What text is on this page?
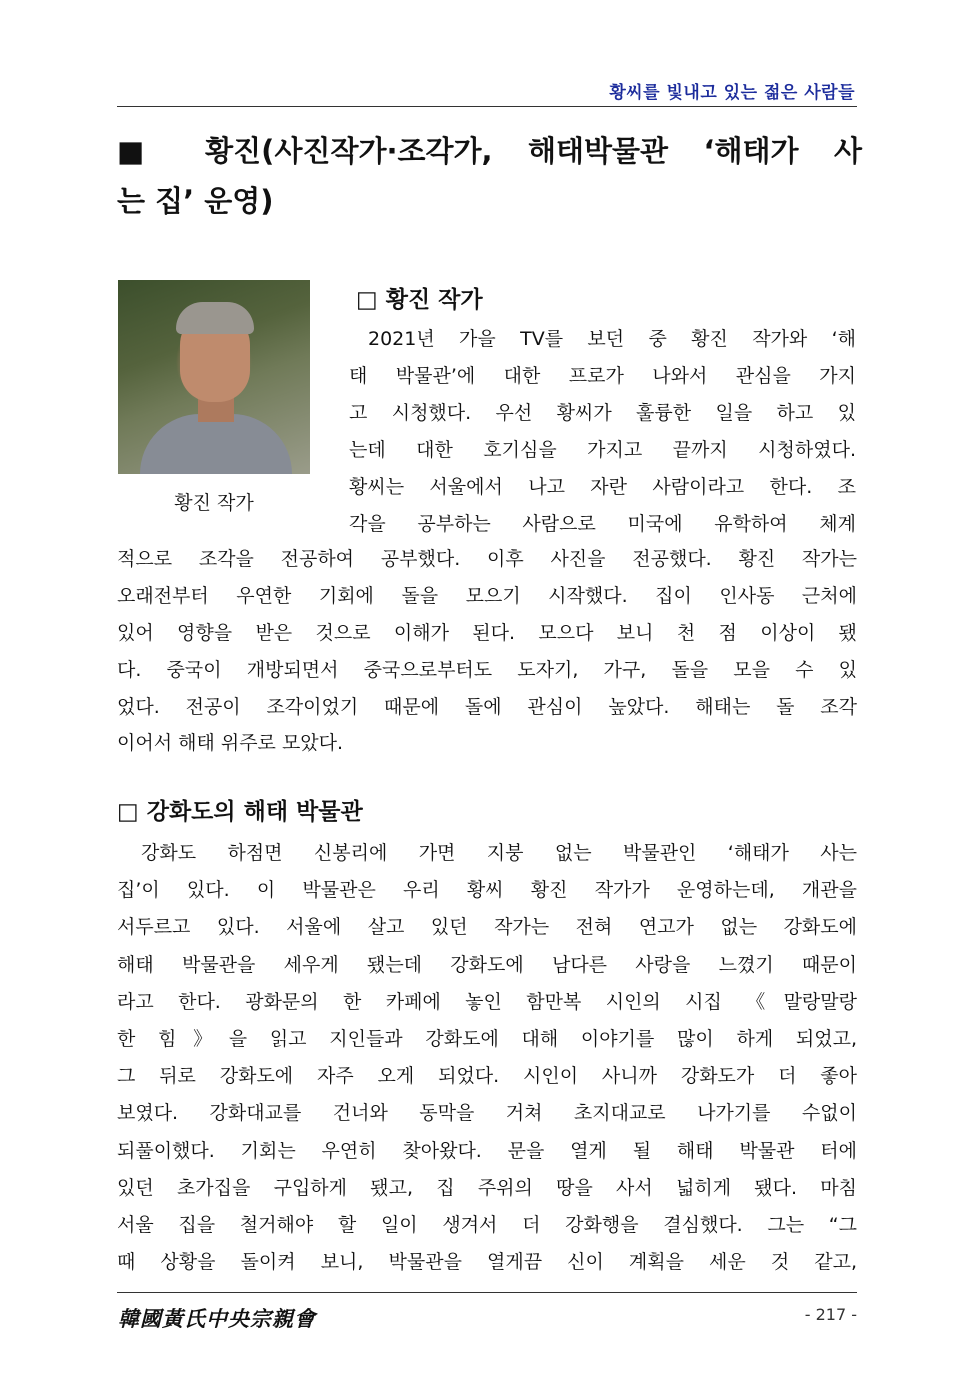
황씨를 빛내고 있는 젊은 사람들
■ 황진(사진작가·조각가, 해태박물관 ‘해태가 사
는 집’ 운영)
황진 작가
□ 황진 작가
2021년 가을 TV를 보던 중 황진 작가와 ‘해
태 박물관’에 대한 프로가 나와서 관심을 가지
고 시청했다. 우선 황씨가 훌륭한 일을 하고 있
는데 대한 호기심을 가지고 끝까지 시청하였다.
황씨는 서울에서 나고 자란 사람이라고 한다. 조
각을 공부하는 사람으로 미국에 유학하여 체계
적으로 조각을 전공하여 공부했다. 이후 사진을 전공했다. 황진 작가는
오래전부터 우연한 기회에 돌을 모으기 시작했다. 집이 인사동 근처에
있어 영향을 받은 것으로 이해가 된다. 모으다 보니 천 점 이상이 됐
다. 중국이 개방되면서 중국으로부터도 도자기, 가구, 돌을 모을 수 있
었다. 전공이 조각이었기 때문에 돌에 관심이 높았다. 해태는 돌 조각
이어서 해태 위주로 모았다.
□ 강화도의 해태 박물관
강화도 하점면 신봉리에 가면 지붕 없는 박물관인 ‘해태가 사는
집’이 있다. 이 박물관은 우리 황씨 황진 작가가 운영하는데, 개관을
서두르고 있다. 서울에 살고 있던 작가는 전혀 연고가 없는 강화도에
해태 박물관을 세우게 됐는데 강화도에 남다른 사랑을 느꼈기 때문이
라고 한다. 광화문의 한 카페에 놓인 함만복 시인의 시집 《말랑말랑
한 힘》을 읽고 지인들과 강화도에 대해 이야기를 많이 하게 되었고,
그 뒤로 강화도에 자주 오게 되었다. 시인이 사니까 강화도가 더 좋아
보였다. 강화대교를 건너와 동막을 거쳐 초지대교로 나가기를 수없이
되풀이했다. 기회는 우연히 찾아왔다. 문을 열게 될 해태 박물관 터에
있던 초가집을 구입하게 됐고, 집 주위의 땅을 사서 넓히게 됐다. 마침
서울 집을 철거해야 할 일이 생겨서 더 강화행을 결심했다. 그는 “그
때 상황을 돌이켜 보니, 박물관을 열게끔 신이 계획을 세운 것 같고,
韓國黃氏中央宗親會	- 217 -
